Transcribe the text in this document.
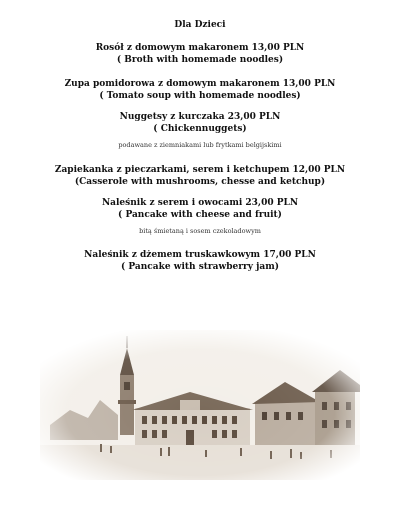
Dla Dzieci
Rosół z domowym makaronem 13,00 PLN
( Broth with homemade noodles)
Zupa pomidorowa z domowym makaronem 13,00 PLN
( Tomato soup with homemade noodles)
Nuggetsy z kurczaka 23,00 PLN
( Chickennuggets)
podawane z ziemniakami lub frytkami belgijskimi
Zapiekanka z pieczarkami, serem i ketchupem 12,00 PLN
(Casserole with mushrooms, chesse and ketchup)
Naleśnik z serem i owocami 23,00 PLN
( Pancake with cheese and fruit)
bitą śmietaną i sosem czekoladowym
Naleśnik z dżemem truskawkowym 17,00 PLN
( Pancake with strawberry jam)
